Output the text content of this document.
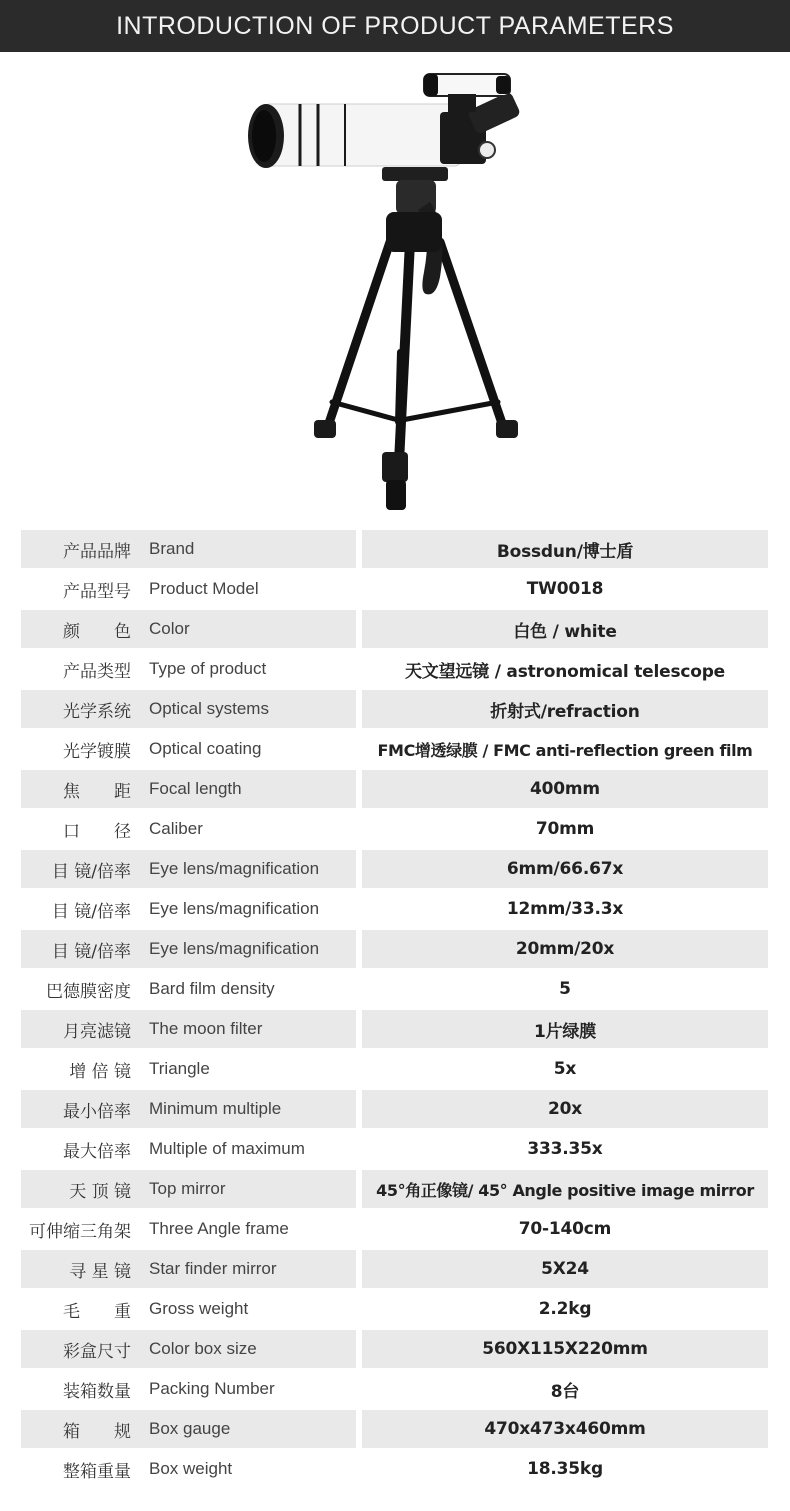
INTRODUCTION OF PRODUCT PARAMETERS
产品品牌 Brand	Bossdun/博士盾
产品型号 Product Model	TW0018
颜　　色 Color	白色 / white
产品类型 Type of product	天文望远镜 / astronomical telescope
光学系统 Optical systems	折射式/refraction
光学镀膜 Optical coating	FMC增透绿膜 / FMC anti-reflection green film
焦　　距 Focal length	400mm
口　　径 Caliber	70mm
目 镜/倍率 Eye lens/magnification	6mm/66.67x
目 镜/倍率 Eye lens/magnification	12mm/33.3x
目 镜/倍率 Eye lens/magnification	20mm/20x
巴德膜密度 Bard film density	5
月亮滤镜 The moon filter	1片绿膜
增 倍 镜 Triangle	5x
最小倍率 Minimum multiple	20x
最大倍率 Multiple of maximum	333.35x
天 顶 镜 Top mirror	45°角正像镜/ 45° Angle positive image mirror
可伸缩三角架 Three Angle frame	70-140cm
寻 星 镜 Star finder mirror	5X24
毛　　重 Gross weight	2.2kg
彩盒尺寸 Color box size	560X115X220mm
装箱数量 Packing Number	8台
箱　　规 Box gauge	470x473x460mm
整箱重量 Box weight	18.35kg
